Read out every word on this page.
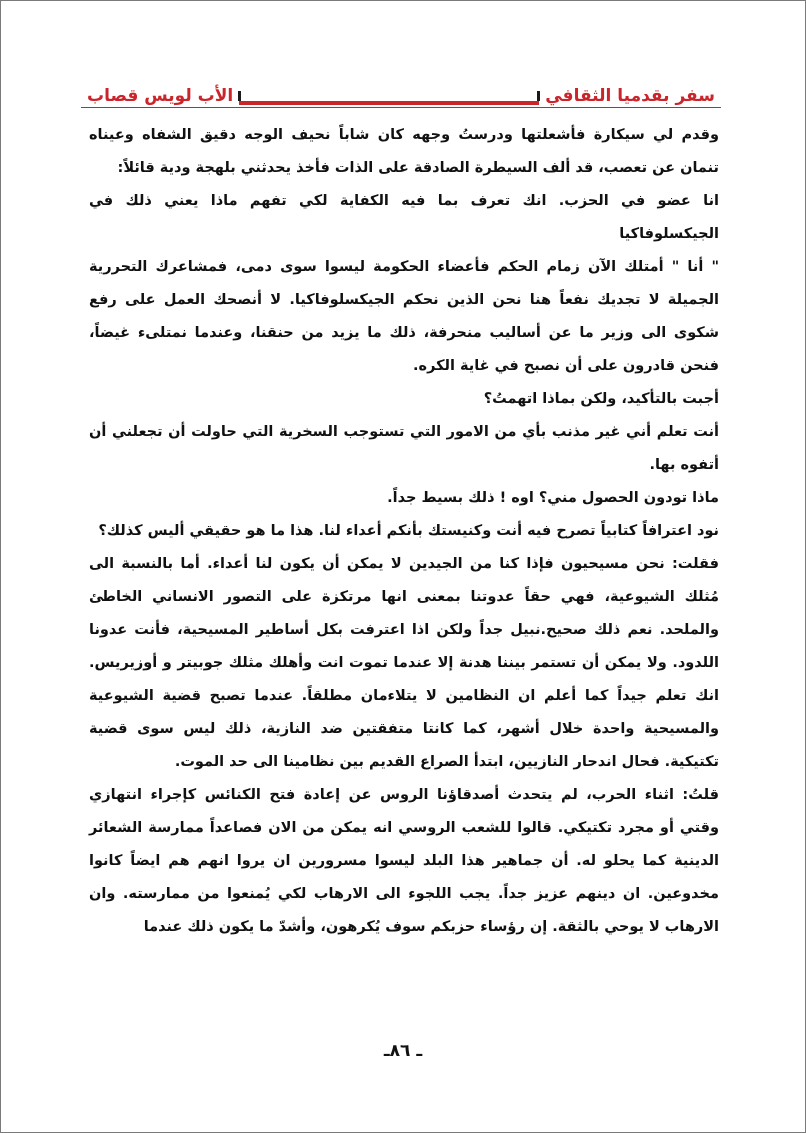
سفر بقدميا الثقافي
الأب لويس قصاب

وقدم لي سيكارة فأشعلتها ودرستُ وجهه كان شاباً نحيف الوجه دقيق الشفاه وعيناه تنمان عن تعصب، قد ألف السيطرة الصادقة على الذات فأخذ يحدثني بلهجة ودية قائلاً:

انا عضو في الحزب. انك تعرف بما فيه الكفاية لكي تفهم ماذا يعني ذلك في الجيكسلوفاكيا

" أنا " أمتلك الآن زمام الحكم فأعضاء الحكومة ليسوا سوى دمى، فمشاعرك التحررية الجميلة لا تجديك نفعاً هنا نحن الذين نحكم الجيكسلوفاكيا. لا أنصحك العمل على رفع شكوى الى وزير ما عن أساليب منحرفة، ذلك ما يزيد من حنقنا، وعندما نمتلىء غيضاً، فنحن قادرون على أن نصبح في غاية الكره.

أجبت بالتأكيد، ولكن بماذا اتهمتُ؟

أنت تعلم أني غير مذنب بأي من الامور التي تستوجب السخرية التي حاولت أن تجعلني أن أتفوه بها.

ماذا تودون الحصول مني؟ اوه ! ذلك بسيط جداً.

نود اعترافاً كتابياً تصرح فيه أنت وكنيستك بأنكم أعداء لنا. هذا ما هو حقيقي أليس كذلك؟

فقلت: نحن مسيحيون فإذا كنا من الجيدين لا يمكن أن يكون لنا أعداء. أما بالنسبة الى مُثلك الشيوعية، فهي حقاً عدوتنا بمعنى انها مرتكزة على التصور الانساني الخاطئ والملحد. نعم ذلك صحيح.نبيل جداً ولكن اذا اعترفت بكل أساطير المسيحية، فأنت عدونا اللدود. ولا يمكن أن تستمر بيننا هدنة إلا عندما تموت انت وأهلك مثلك جوبيتر و أوزيريس. انك تعلم جيداً كما أعلم ان النظامين لا يتلاءمان مطلقاً. عندما تصبح قضية الشيوعية والمسيحية واحدة خلال أشهر، كما كانتا متفقتين ضد النازية، ذلك ليس سوى قضية تكتيكية. فحال اندحار النازيين، ابتدأ الصراع القديم بين نظامينا الى حد الموت.

قلتُ: اثناء الحرب، لم يتحدث أصدقاؤنا الروس عن إعادة فتح الكنائس كإجراء انتهازي وقتي أو مجرد تكتيكي. قالوا للشعب الروسي انه يمكن من الان فصاعداً ممارسة الشعائر الدينية كما يحلو له. أن جماهير هذا البلد ليسوا مسرورين ان يروا انهم هم ايضاً كانوا مخدوعين. ان دينهم عزيز جداً. يجب اللجوء الى الارهاب لكي يُمنعوا من ممارسته. وان الارهاب لا يوحي بالثقة. إن رؤساء حزبكم سوف يُكرهون، وأشدّ ما يكون ذلك عندما

ـ ٨٦ـ
